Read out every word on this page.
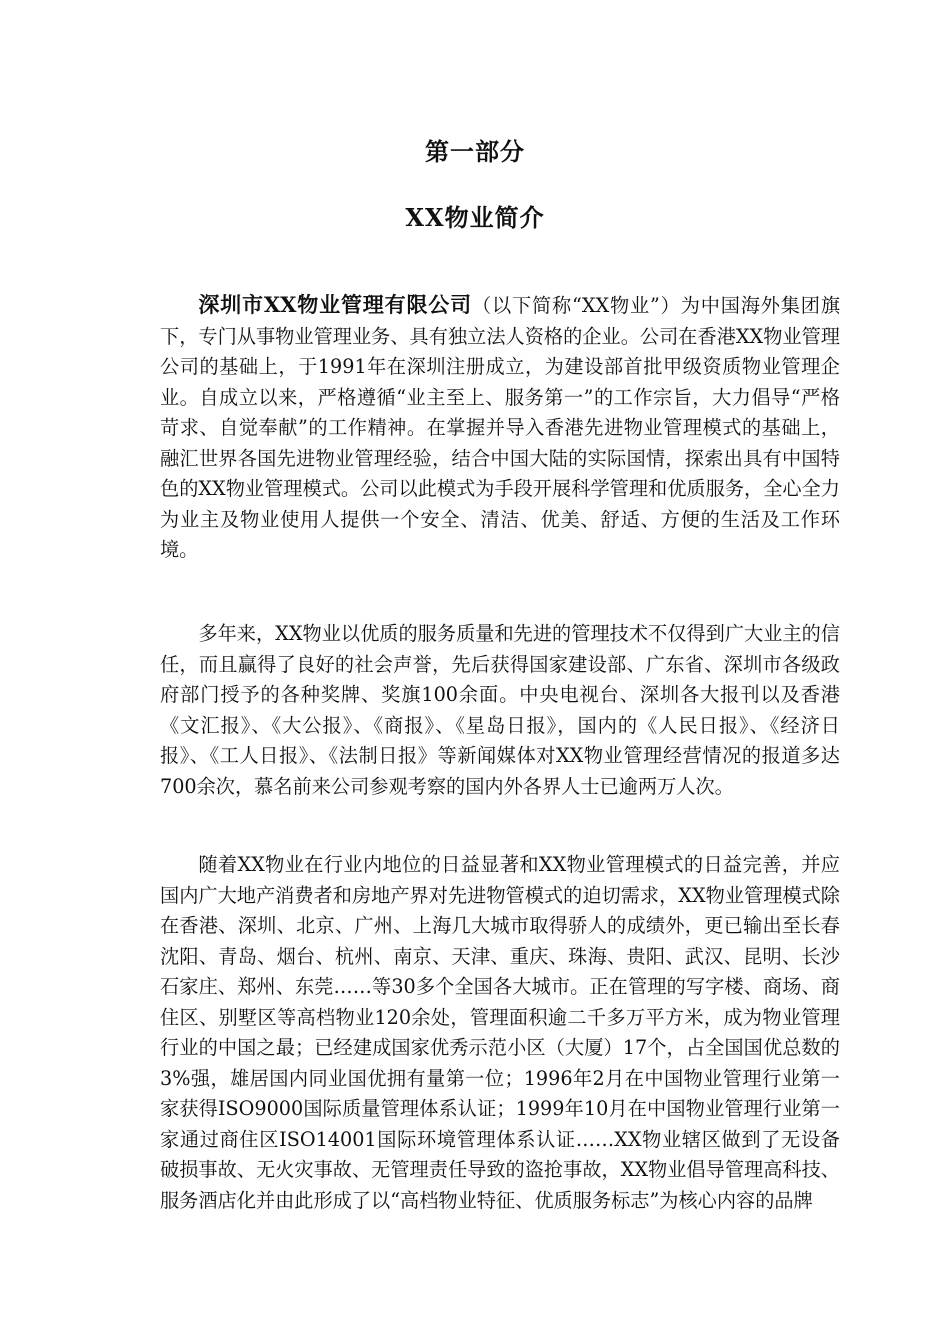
第一部分
XX物业简介

深圳市XX物业管理有限公司（以下简称“XX物业”）为中国海外集团旗下，专门从事物业管理业务、具有独立法人资格的企业。公司在香港XX物业管理公司的基础上，于1991年在深圳注册成立，为建设部首批甲级资质物业管理企业。自成立以来，严格遵循“业主至上、服务第一”的工作宗旨，大力倡导“严格苛求、自觉奉献”的工作精神。在掌握并导入香港先进物业管理模式的基础上，融汇世界各国先进物业管理经验，结合中国大陆的实际国情，探索出具有中国特色的XX物业管理模式。公司以此模式为手段开展科学管理和优质服务，全心全力为业主及物业使用人提供一个安全、清洁、优美、舒适、方便的生活及工作环境。

多年来，XX物业以优质的服务质量和先进的管理技术不仅得到广大业主的信任，而且赢得了良好的社会声誉，先后获得国家建设部、广东省、深圳市各级政府部门授予的各种奖牌、奖旗100余面。中央电视台、深圳各大报刊以及香港《文汇报》、《大公报》、《商报》、《星岛日报》，国内的《人民日报》、《经济日报》、《工人日报》、《法制日报》等新闻媒体对XX物业管理经营情况的报道多达700余次，慕名前来公司参观考察的国内外各界人士已逾两万人次。

随着XX物业在行业内地位的日益显著和XX物业管理模式的日益完善，并应国内广大地产消费者和房地产界对先进物管模式的迫切需求，XX物业管理模式除在香港、深圳、北京、广州、上海几大城市取得骄人的成绩外，更已输出至长春沈阳、青岛、烟台、杭州、南京、天津、重庆、珠海、贵阳、武汉、昆明、长沙石家庄、郑州、东莞……等30多个全国各大城市。正在管理的写字楼、商场、商住区、别墅区等高档物业120余处，管理面积逾二千多万平方米，成为物业管理行业的中国之最；已经建成国家优秀示范小区（大厦）17个，占全国国优总数的3%强，雄居国内同业国优拥有量第一位；1996年2月在中国物业管理行业第一家获得ISO9000国际质量管理体系认证；1999年10月在中国物业管理行业第一家通过商住区ISO14001国际环境管理体系认证……XX物业辖区做到了无设备破损事故、无火灾事故、无管理责任导致的盗抢事故，XX物业倡导管理高科技、服务酒店化并由此形成了以“高档物业特征、优质服务标志”为核心内容的品牌
